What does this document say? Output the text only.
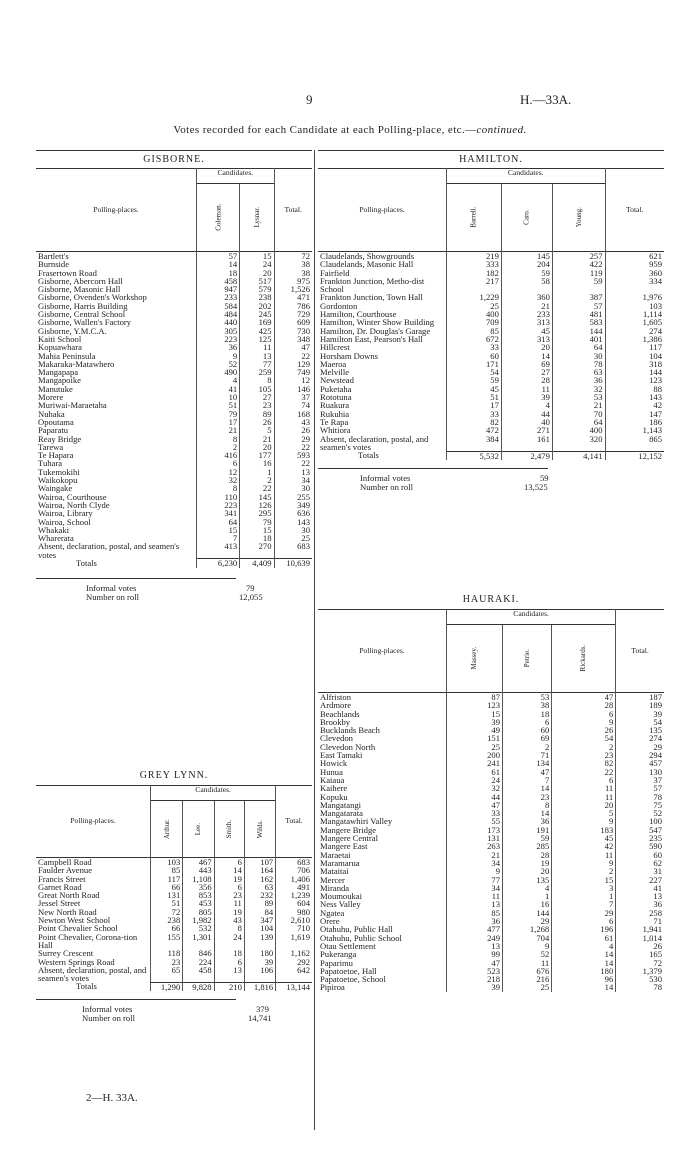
9	H.—33A.
Votes recorded for each Candidate at each Polling-place, etc.—continued.
GISBORNE.
Polling-places.	Candidates.		Total.
	Coleman.	Lysnar.	
Bartlett's	57	15	72
Burnside	14	24	38
Frasertown Road	18	20	38
Gisborne, Abercorn Hall	458	517	975
Gisborne, Masonic Hall	947	579	1,526
Gisborne, Ovenden's Workshop	233	238	471
Gisborne, Harris Building	584	202	786
Gisborne, Central School	484	245	729
Gisborne, Wallen's Factory	440	169	609
Gisborne, Y.M.C.A.	305	425	730
Kaiti School	223	125	348
Kopuawhara	36	11	47
Mahia Peninsula	9	13	22
Makaraka-Matawhero	52	77	129
Mangapapa	490	259	749
Mangapoike	4	8	12
Manutuke	41	105	146
Morere	10	27	37
Muriwai-Maraetaha	51	23	74
Nuhaka	79	89	168
Opoutama	17	26	43
Paparatu	21	5	26
Reay Bridge	8	21	29
Tarewa	2	20	22
Te Hapara	416	177	593
Tuhara	6	16	22
Tukemokihi	12	1	13
Waikokopu	32	2	34
Waingake	8	22	30
Wairoa, Courthouse	110	145	255
Wairoa, North Clyde	223	126	349
Wairoa, Library	341	295	636
Wairoa, School	64	79	143
Whakaki	15	15	30
Wharerata	7	18	25
Absent, declaration, postal, and seamen's votes	413	270	683
Totals	6,230	4,409	10,639
Informal votes	79
Number on roll	12,055
GREY LYNN.
Polling-places.	Candidates.				Total.
	Arthur.	Lee.	Smith.	Wilds.	
Campbell Road	103	467	6	107	683
Faulder Avenue	85	443	14	164	706
Francis Street	117	1,108	19	162	1,406
Garnet Road	66	356	6	63	491
Great North Road	131	853	23	232	1,239
Jessel Street	51	453	11	89	604
New North Road	72	805	19	84	980
Newton West School	238	1,982	43	347	2,610
Point Chevalier School	66	532	8	104	710
Point Chevalier, Corona-tion Hall	155	1,301	24	139	1,619
Surrey Crescent	118	846	18	180	1,162
Western Springs Road	23	224	6	39	292
Absent, declaration, postal, and seamen's votes	65	458	13	106	642
Totals	1,290	9,828	210	1,816	13,144
Informal votes	379
Number on roll	14,741
HAMILTON.
Polling-places.	Candidates.			Total.
	Barrell.	Caro.	Young.	
Claudelands, Showgrounds	219	145	257	621
Claudelands, Masonic Hall	333	204	422	959
Fairfield	182	59	119	360
Frankton Junction, Metho-dist School	217	58	59	334
Frankton Junction, Town Hall	1,229	360	387	1,976
Gordonton	25	21	57	103
Hamilton, Courthouse	400	233	481	1,114
Hamilton, Winter Show Building	709	313	583	1,605
Hamilton, Dr. Douglas's Garage	85	45	144	274
Hamilton East, Pearson's Hall	672	313	401	1,386
Hillcrest	33	20	64	117
Horsham Downs	60	14	30	104
Maeroa	171	69	78	318
Melville	54	27	63	144
Newstead	59	28	36	123
Puketaha	45	11	32	88
Rototuna	51	39	53	143
Ruakura	17	4	21	42
Rukuhia	33	44	70	147
Te Rapa	82	40	64	186
Whitiora	472	271	400	1,143
Absent, declaration, postal, and seamen's votes	384	161	320	865
Totals	5,532	2,479	4,141	12,152
Informal votes	59
Number on roll	13,525
HAURAKI.
Polling-places.	Candidates.			Total.
	Massey.	Petrie.	Rickards.	
Alfriston	87	53	47	187
Ardmore	123	38	28	189
Beachlands	15	18	6	39
Brookby	39	6	9	54
Bucklands Beach	49	60	26	135
Clevedon	151	69	54	274
Clevedon North	25	2	2	29
East Tamaki	200	71	23	294
Howick	241	134	82	457
Hunua	61	47	22	130
Kaiaua	24	7	6	37
Kaihere	32	14	11	57
Kopuku	44	23	11	78
Mangatangi	47	8	20	75
Mangatarata	33	14	5	52
Mangatawhiri Valley	55	36	9	100
Mangere Bridge	173	191	183	547
Mangere Central	131	59	45	235
Mangere East	263	285	42	590
Maraetai	21	28	11	60
Maramarua	34	19	9	62
Mataitai	9	20	2	31
Mercer	77	135	15	227
Miranda	34	4	3	41
Moumoukai	11	1	1	13
Ness Valley	13	16	7	36
Ngatea	85	144	29	258
Orere	36	29	6	71
Otahuhu, Public Hall	477	1,268	196	1,941
Otahuhu, Public School	249	704	61	1,014
Otau Settlement	13	9	4	26
Pukeranga	99	52	14	165
Paparimu	47	11	14	72
Papatoetoe, Hall	523	676	180	1,379
Papatoetoe, School	218	216	96	530
Pipiroa	39	25	14	78
2—H. 33A.
